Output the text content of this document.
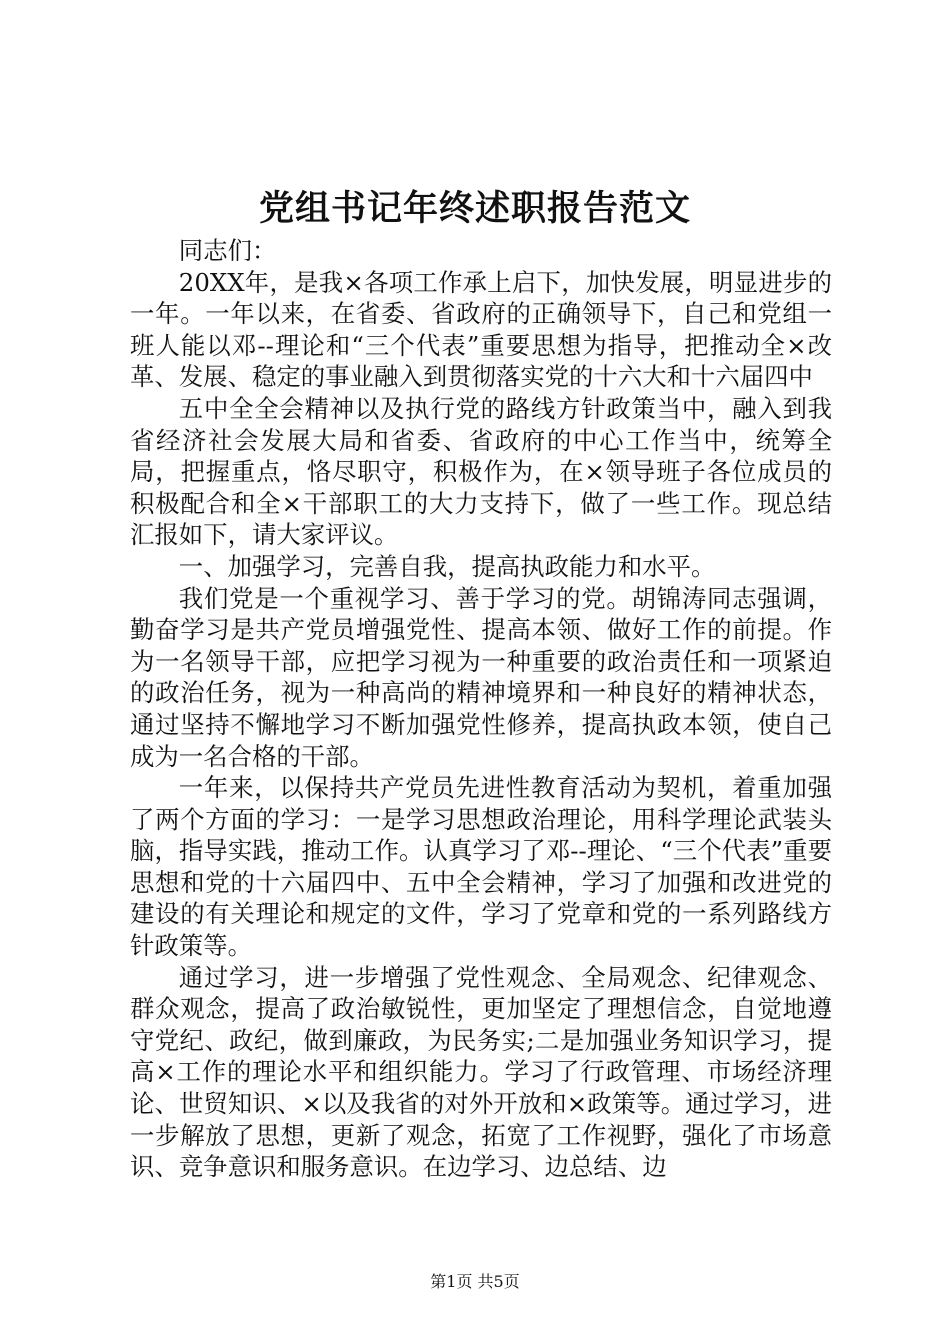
党组书记年终述职报告范文

同志们：

20XX年，是我×各项工作承上启下，加快发展，明显进步的一年。一年以来，在省委、省政府的正确领导下，自己和党组一班人能以邓--理论和“三个代表”重要思想为指导，把推动全×改革、发展、稳定的事业融入到贯彻落实党的十六大和十六届四中

五中全全会精神以及执行党的路线方针政策当中，融入到我省经济社会发展大局和省委、省政府的中心工作当中，统筹全局，把握重点，恪尽职守，积极作为，在×领导班子各位成员的积极配合和全×干部职工的大力支持下，做了一些工作。现总结汇报如下，请大家评议。

一、加强学习，完善自我，提高执政能力和水平。

我们党是一个重视学习、善于学习的党。胡锦涛同志强调，勤奋学习是共产党员增强党性、提高本领、做好工作的前提。作为一名领导干部，应把学习视为一种重要的政治责任和一项紧迫的政治任务，视为一种高尚的精神境界和一种良好的精神状态，通过坚持不懈地学习不断加强党性修养，提高执政本领，使自己成为一名合格的干部。

一年来，以保持共产党员先进性教育活动为契机，着重加强了两个方面的学习：一是学习思想政治理论，用科学理论武装头脑，指导实践，推动工作。认真学习了邓--理论、“三个代表”重要思想和党的十六届四中、五中全会精神，学习了加强和改进党的建设的有关理论和规定的文件，学习了党章和党的一系列路线方针政策等。

通过学习，进一步增强了党性观念、全局观念、纪律观念、群众观念，提高了政治敏锐性，更加坚定了理想信念，自觉地遵守党纪、政纪，做到廉政，为民务实;二是加强业务知识学习，提高×工作的理论水平和组织能力。学习了行政管理、市场经济理论、世贸知识、×以及我省的对外开放和×政策等。通过学习，进一步解放了思想，更新了观念，拓宽了工作视野，强化了市场意识、竞争意识和服务意识。在边学习、边总结、边

第1页 共5页
